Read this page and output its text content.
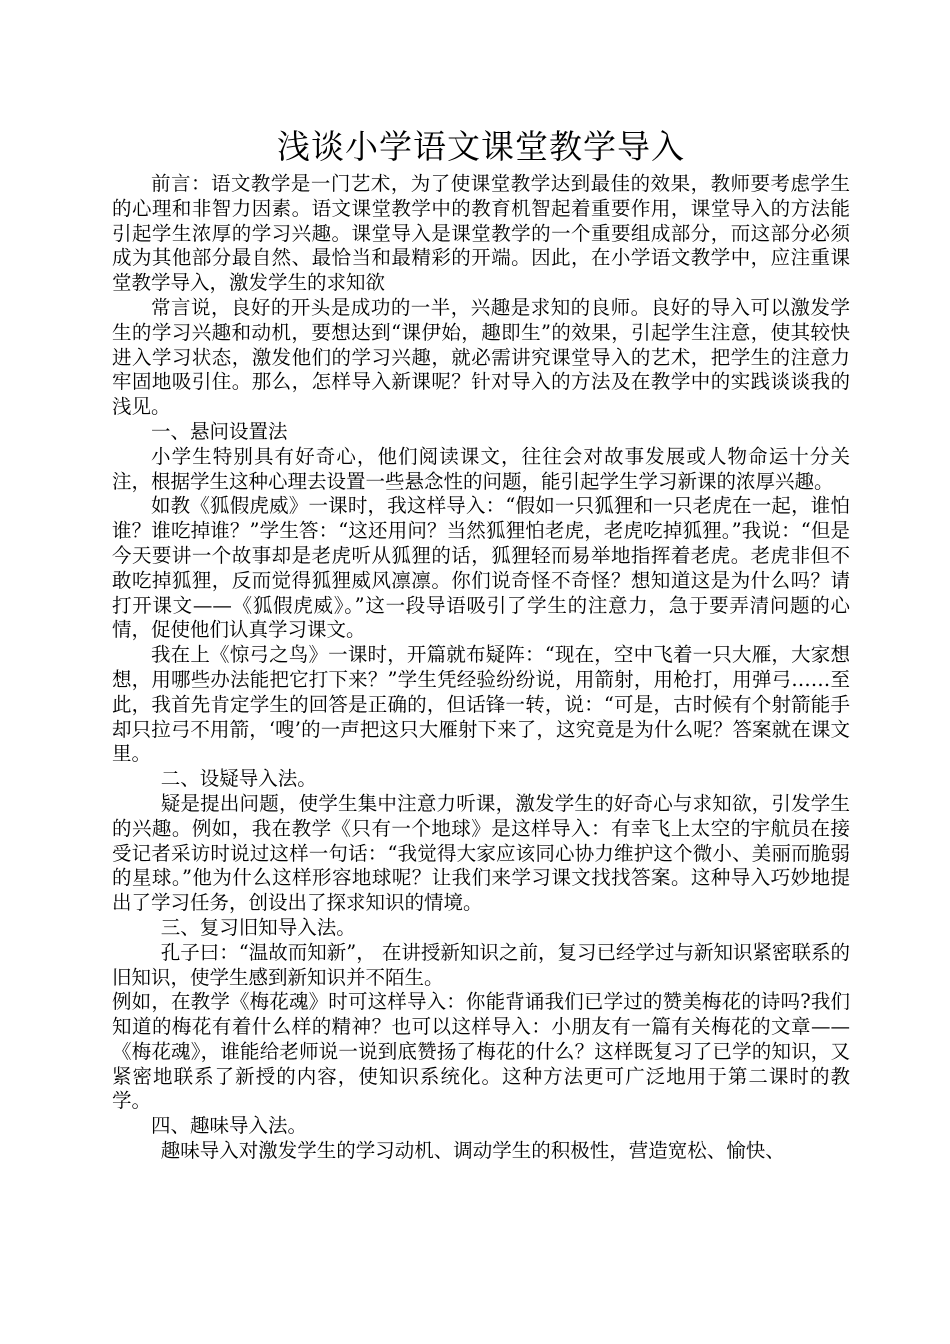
浅谈小学语文课堂教学导入

前言：语文教学是一门艺术，为了使课堂教学达到最佳的效果，教师要考虑学生的心理和非智力因素。语文课堂教学中的教育机智起着重要作用，课堂导入的方法能引起学生浓厚的学习兴趣。课堂导入是课堂教学的一个重要组成部分，而这部分必须成为其他部分最自然、最恰当和最精彩的开端。因此，在小学语文教学中，应注重课堂教学导入，激发学生的求知欲

常言说，良好的开头是成功的一半，兴趣是求知的良师。良好的导入可以激发学生的学习兴趣和动机，要想达到“课伊始，趣即生”的效果，引起学生注意，使其较快进入学习状态，激发他们的学习兴趣，就必需讲究课堂导入的艺术，把学生的注意力牢固地吸引住。那么，怎样导入新课呢？针对导入的方法及在教学中的实践谈谈我的浅见。

一、悬问设置法

小学生特别具有好奇心，他们阅读课文，往往会对故事发展或人物命运十分关注，根据学生这种心理去设置一些悬念性的问题，能引起学生学习新课的浓厚兴趣。

如教《狐假虎威》一课时，我这样导入：“假如一只狐狸和一只老虎在一起，谁怕谁？谁吃掉谁？”学生答：“这还用问？当然狐狸怕老虎，老虎吃掉狐狸。”我说：“但是今天要讲一个故事却是老虎听从狐狸的话，狐狸轻而易举地指挥着老虎。老虎非但不敢吃掉狐狸，反而觉得狐狸威风凛凛。你们说奇怪不奇怪？想知道这是为什么吗？请打开课文——《狐假虎威》。”这一段导语吸引了学生的注意力，急于要弄清问题的心情，促使他们认真学习课文。

我在上《惊弓之鸟》一课时，开篇就布疑阵：“现在，空中飞着一只大雁，大家想想，用哪些办法能把它打下来？”学生凭经验纷纷说，用箭射，用枪打，用弹弓……至此，我首先肯定学生的回答是正确的，但话锋一转，说：“可是，古时候有个射箭能手却只拉弓不用箭，‘嗖’的一声把这只大雁射下来了，这究竟是为什么呢？答案就在课文里。

二、设疑导入法。

疑是提出问题，使学生集中注意力听课，激发学生的好奇心与求知欲，引发学生的兴趣。例如，我在教学《只有一个地球》是这样导入：有幸飞上太空的宇航员在接受记者采访时说过这样一句话：“我觉得大家应该同心协力维护这个微小、美丽而脆弱的星球。”他为什么这样形容地球呢？让我们来学习课文找找答案。这种导入巧妙地提出了学习任务，创设出了探求知识的情境。

三、复习旧知导入法。

孔子曰：“温故而知新”， 在讲授新知识之前，复习已经学过与新知识紧密联系的旧知识，使学生感到新知识并不陌生。

例如，在教学《梅花魂》时可这样导入：你能背诵我们已学过的赞美梅花的诗吗?我们知道的梅花有着什么样的精神？也可以这样导入：小朋友有一篇有关梅花的文章——《梅花魂》，谁能给老师说一说到底赞扬了梅花的什么？这样既复习了已学的知识，又紧密地联系了新授的内容，使知识系统化。这种方法更可广泛地用于第二课时的教学。

四、趣味导入法。

趣味导入对激发学生的学习动机、调动学生的积极性，营造宽松、愉快、
